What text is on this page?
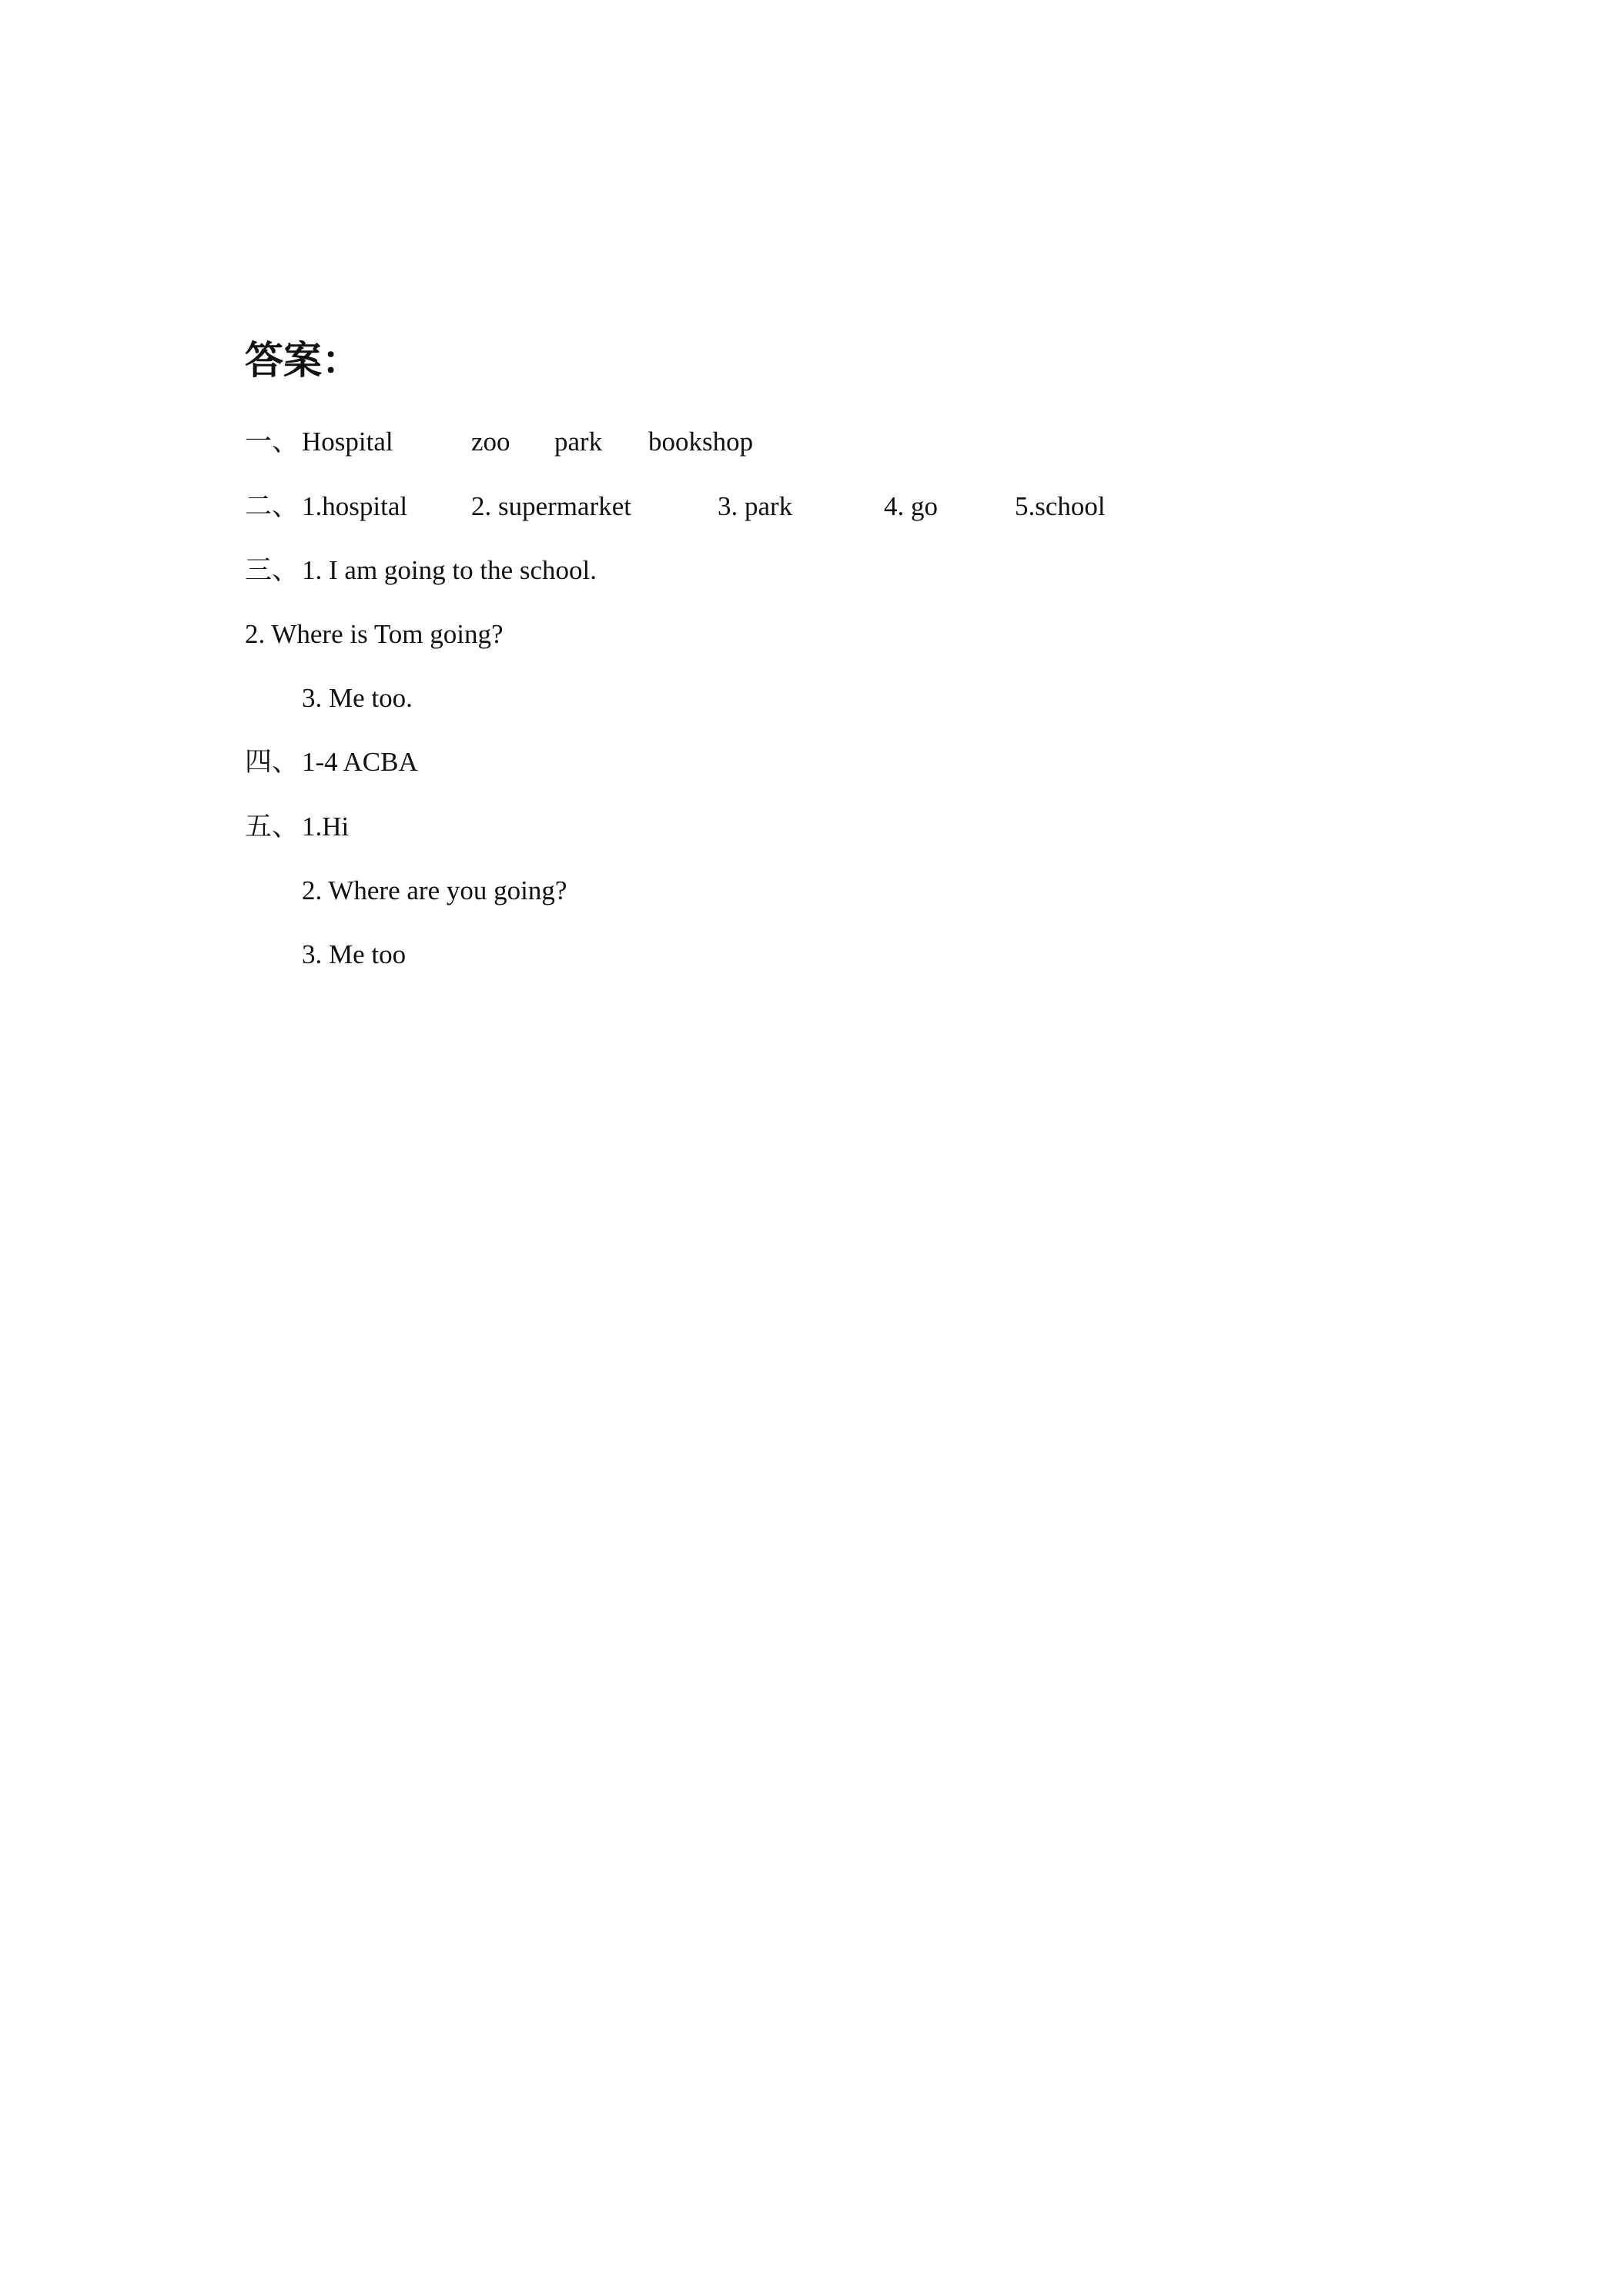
答案：
一、 Hospital	zoo park bookshop
二、 1.hospital 2. supermarket	3. park	4. go	5.school
三、 1. I am going to the school.
2. Where is Tom going?
3. Me too.
四、 1-4 ACBA
五、 1.Hi
2. Where are you going?
3. Me too
